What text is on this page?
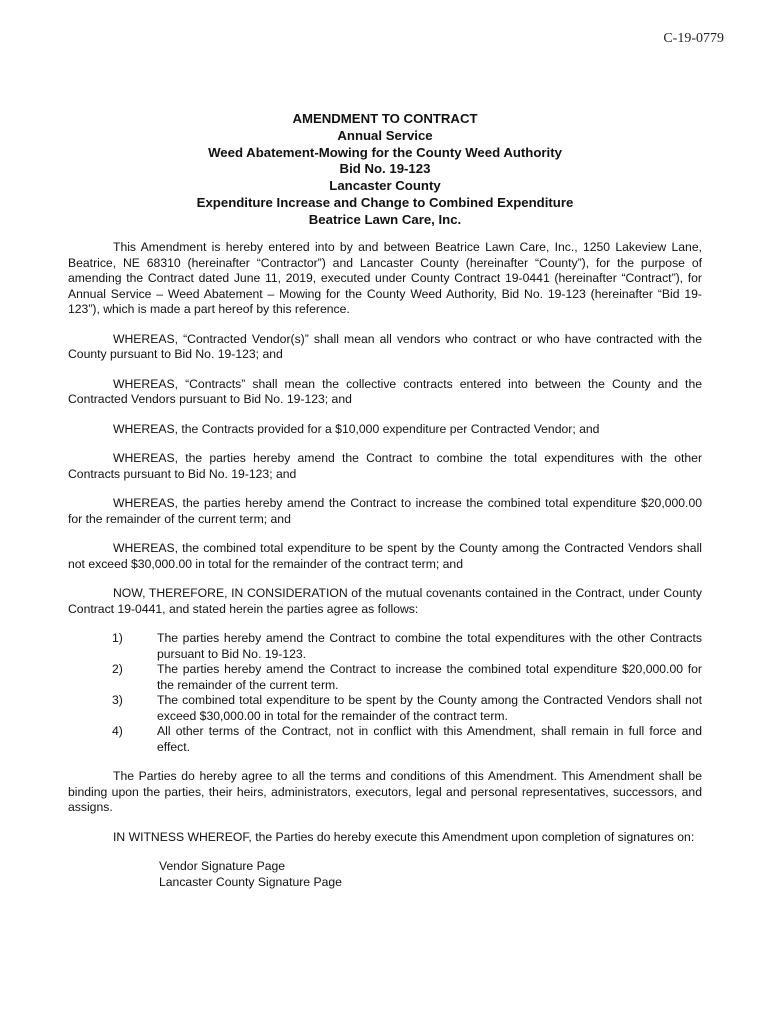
C-19-0779
AMENDMENT TO CONTRACT
Annual Service
Weed Abatement-Mowing for the County Weed Authority
Bid No. 19-123
Lancaster County
Expenditure Increase and Change to Combined Expenditure
Beatrice Lawn Care, Inc.

This Amendment is hereby entered into by and between Beatrice Lawn Care, Inc., 1250 Lakeview Lane, Beatrice, NE 68310 (hereinafter “Contractor”) and Lancaster County (hereinafter “County”), for the purpose of amending the Contract dated June 11, 2019, executed under County Contract 19-0441 (hereinafter “Contract”), for Annual Service – Weed Abatement – Mowing for the County Weed Authority, Bid No. 19-123 (hereinafter “Bid 19-123”), which is made a part hereof by this reference.

WHEREAS, “Contracted Vendor(s)” shall mean all vendors who contract or who have contracted with the County pursuant to Bid No. 19-123; and

WHEREAS, “Contracts” shall mean the collective contracts entered into between the County and the Contracted Vendors pursuant to Bid No. 19-123; and

WHEREAS, the Contracts provided for a $10,000 expenditure per Contracted Vendor; and

WHEREAS, the parties hereby amend the Contract to combine the total expenditures with the other Contracts pursuant to Bid No. 19-123; and

WHEREAS, the parties hereby amend the Contract to increase the combined total expenditure $20,000.00 for the remainder of the current term; and

WHEREAS, the combined total expenditure to be spent by the County among the Contracted Vendors shall not exceed $30,000.00 in total for the remainder of the contract term; and

NOW, THEREFORE, IN CONSIDERATION of the mutual covenants contained in the Contract, under County Contract 19-0441, and stated herein the parties agree as follows:

1)	The parties hereby amend the Contract to combine the total expenditures with the other Contracts pursuant to Bid No. 19-123.
2)	The parties hereby amend the Contract to increase the combined total expenditure $20,000.00 for the remainder of the current term.
3)	The combined total expenditure to be spent by the County among the Contracted Vendors shall not exceed $30,000.00 in total for the remainder of the contract term.
4)	All other terms of the Contract, not in conflict with this Amendment, shall remain in full force and effect.

The Parties do hereby agree to all the terms and conditions of this Amendment. This Amendment shall be binding upon the parties, their heirs, administrators, executors, legal and personal representatives, successors, and assigns.

IN WITNESS WHEREOF, the Parties do hereby execute this Amendment upon completion of signatures on:

Vendor Signature Page
Lancaster County Signature Page
